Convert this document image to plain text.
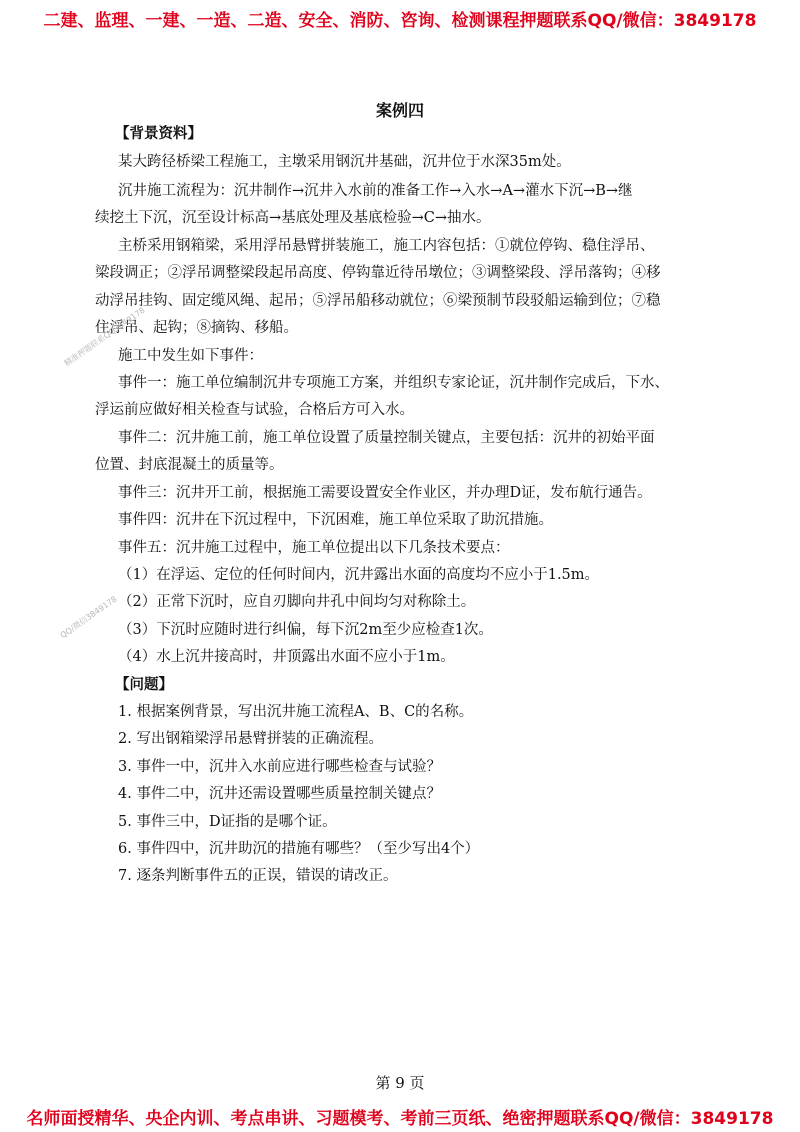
二建、监理、一建、一造、二造、安全、消防、咨询、检测课程押题联系QQ/微信：3849178
案例四
【背景资料】
某大跨径桥梁工程施工，主墩采用钢沉井基础，沉井位于水深35m处。
沉井施工流程为：沉井制作→沉井入水前的准备工作→入水→A→灌水下沉→B→继
续挖土下沉，沉至设计标高→基底处理及基底检验→C→抽水。
主桥采用钢箱梁，采用浮吊悬臂拼装施工，施工内容包括：①就位停钩、稳住浮吊、
梁段调正；②浮吊调整梁段起吊高度、停钩靠近待吊墩位；③调整梁段、浮吊落钩；④移
动浮吊挂钩、固定缆风绳、起吊；⑤浮吊船移动就位；⑥梁预制节段驳船运输到位；⑦稳
住浮吊、起钩；⑧摘钩、移船。
施工中发生如下事件：
事件一：施工单位编制沉井专项施工方案，并组织专家论证，沉井制作完成后，下水、
浮运前应做好相关检查与试验，合格后方可入水。
事件二：沉井施工前，施工单位设置了质量控制关键点，主要包括：沉井的初始平面
位置、封底混凝土的质量等。
事件三：沉井开工前，根据施工需要设置安全作业区，并办理D证，发布航行通告。
事件四：沉井在下沉过程中，下沉困难，施工单位采取了助沉措施。
事件五：沉井施工过程中，施工单位提出以下几条技术要点：
（1）在浮运、定位的任何时间内，沉井露出水面的高度均不应小于1.5m。
（2）正常下沉时，应自刃脚向井孔中间均匀对称除土。
（3）下沉时应随时进行纠偏，每下沉2m至少应检查1次。
（4）水上沉井接高时，井顶露出水面不应小于1m。
【问题】
1. 根据案例背景，写出沉井施工流程A、B、C的名称。
2. 写出钢箱梁浮吊悬臂拼装的正确流程。
3. 事件一中，沉井入水前应进行哪些检查与试验？
4. 事件二中，沉井还需设置哪些质量控制关键点？
5. 事件三中，D证指的是哪个证。
6. 事件四中，沉井助沉的措施有哪些？（至少写出4个）
7. 逐条判断事件五的正误，错误的请改正。
精准押题联系QQ3849178
QQ/微信3849178
第 9 页
名师面授精华、央企内训、考点串讲、习题模考、考前三页纸、绝密押题联系QQ/微信：3849178
